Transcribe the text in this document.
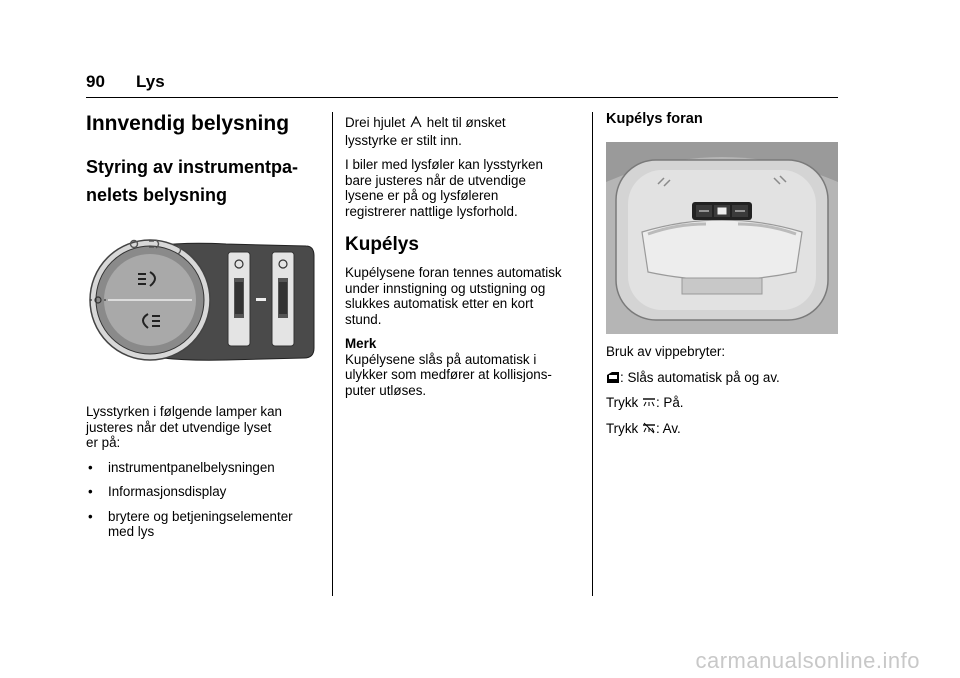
90 Lys
Innvendig belysning
Styring av instrumentpa-
nelets belysning

Lysstyrken i følgende lamper kan

justeres når det utvendige lyset

er på:

• instrumentpanelbelysningen
• Informasjonsdisplay
• brytere og betjeningselementer
med lys

Drei hjulet helt til ønsket

lysstyrke er stilt inn.

I biler med lysføler kan lysstyrken

bare justeres når de utvendige

lysene er på og lysføleren

registrerer nattlige lysforhold.

Kupélys

Kupélysene foran tennes automatisk

under innstigning og utstigning og

slukkes automatisk etter en kort

stund.

Merk

Kupélysene slås på automatisk i

ulykker som medfører at kollisjons-

puter utløses.

Kupélys foran

Bruk av vippebryter:

: Slås automatisk på og av.

Trykk : På.

Trykk : Av.

carmanualsonline.info
